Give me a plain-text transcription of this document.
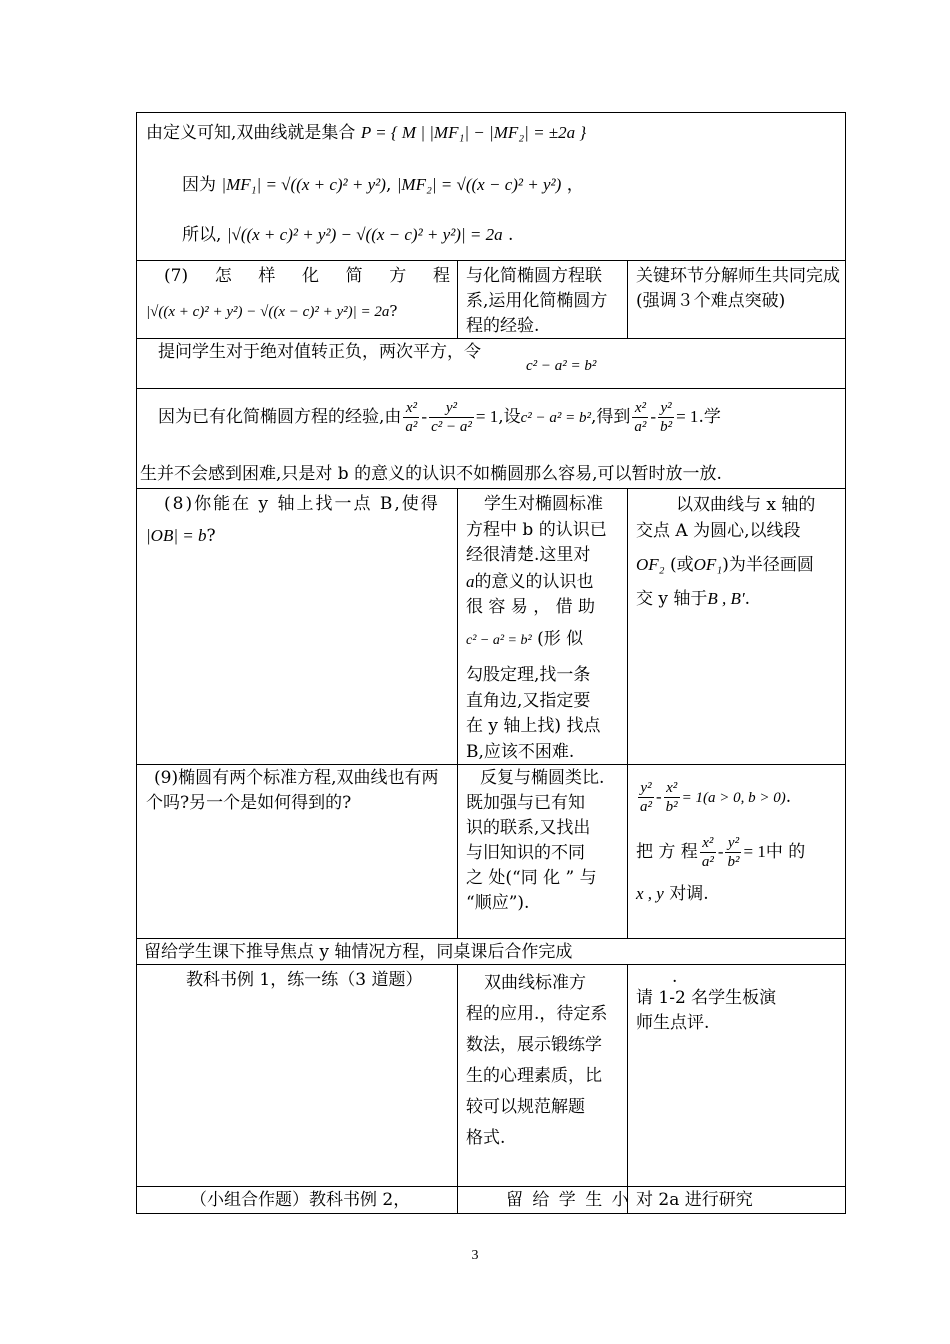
由定义可知,双曲线就是集合 P = { M | |MF₁| − |MF₂| = ±2a }
因为 |MF₁| = √((x + c)² + y²), |MF₂| = √((x − c)² + y²) ，
所以, |√((x + c)² + y²) − √((x − c)² + y²)| = 2a .
(7) 怎 样 化 简 方 程
|√((x + c)² + y²) − √((x − c)² + y²)| = 2a?
与化简椭圆方程联系,运用化简椭圆方程的经验.
关键环节分解师生共同完成(强调３个难点突破)
提问学生对于绝对值转正负，两次平方，令
c² − a² = b²
因为已有化简椭圆方程的经验,由 $\frac{\text{x²}}{\text{a²}} - \frac{\text{y²}}{\text{c² − a²}} = 1$,设c² − a² = b²,得到 $\frac{\text{x²}}{\text{a²}} - \frac{\text{y²}}{\text{b²}} = 1$.学
生并不会感到困难,只是对 b 的意义的认识不如椭圆那么容易,可以暂时放一放.
(8)你能在 y 轴上找一点 B,使得
|OB| = b?
学生对椭圆标准
方程中 b 的认识已
经很清楚.这里对
a的意义的认识也
很 容 易 ， 借 助
c² − a² = b² (形 似
勾股定理,找一条
直角边,又指定要
在 y 轴上找) 找点
B,应该不困难.
以双曲线与 x 轴的
交点 A 为圆心,以线段
OF₂ (或OF₁)为半径画圆
交 y 轴于B , B′.
(9)椭圆有两个标准方程,双曲线也有两个吗?另一个是如何得到的?
反复与椭圆类比.
既加强与已有知
识的联系,又找出
与旧知识的不同
之 处(“同 化 ” 与
“顺应”).
$\frac{\text{y²}}{\text{a²}} - \frac{\text{x²}}{\text{b²}} = 1(a > 0$, b > 0).
把 方 程 $\frac{\text{x²}}{\text{a²}} - \frac{\text{y²}}{\text{b²}} = 1$中 的
x , y 对调.
留给学生课下推导焦点 y 轴情况方程，同桌课后合作完成
教科书例 1，练一练（3 道题）	双曲线标准方
程的应用.，待定系
数法，展示锻练学
生的心理素质，比
较可以规范解题
格式.
.
请 1-2 名学生板演
师生点评.
（小组合作题）教科书例 2，	留 给 学 生 小 对 2a 进行研究
3
